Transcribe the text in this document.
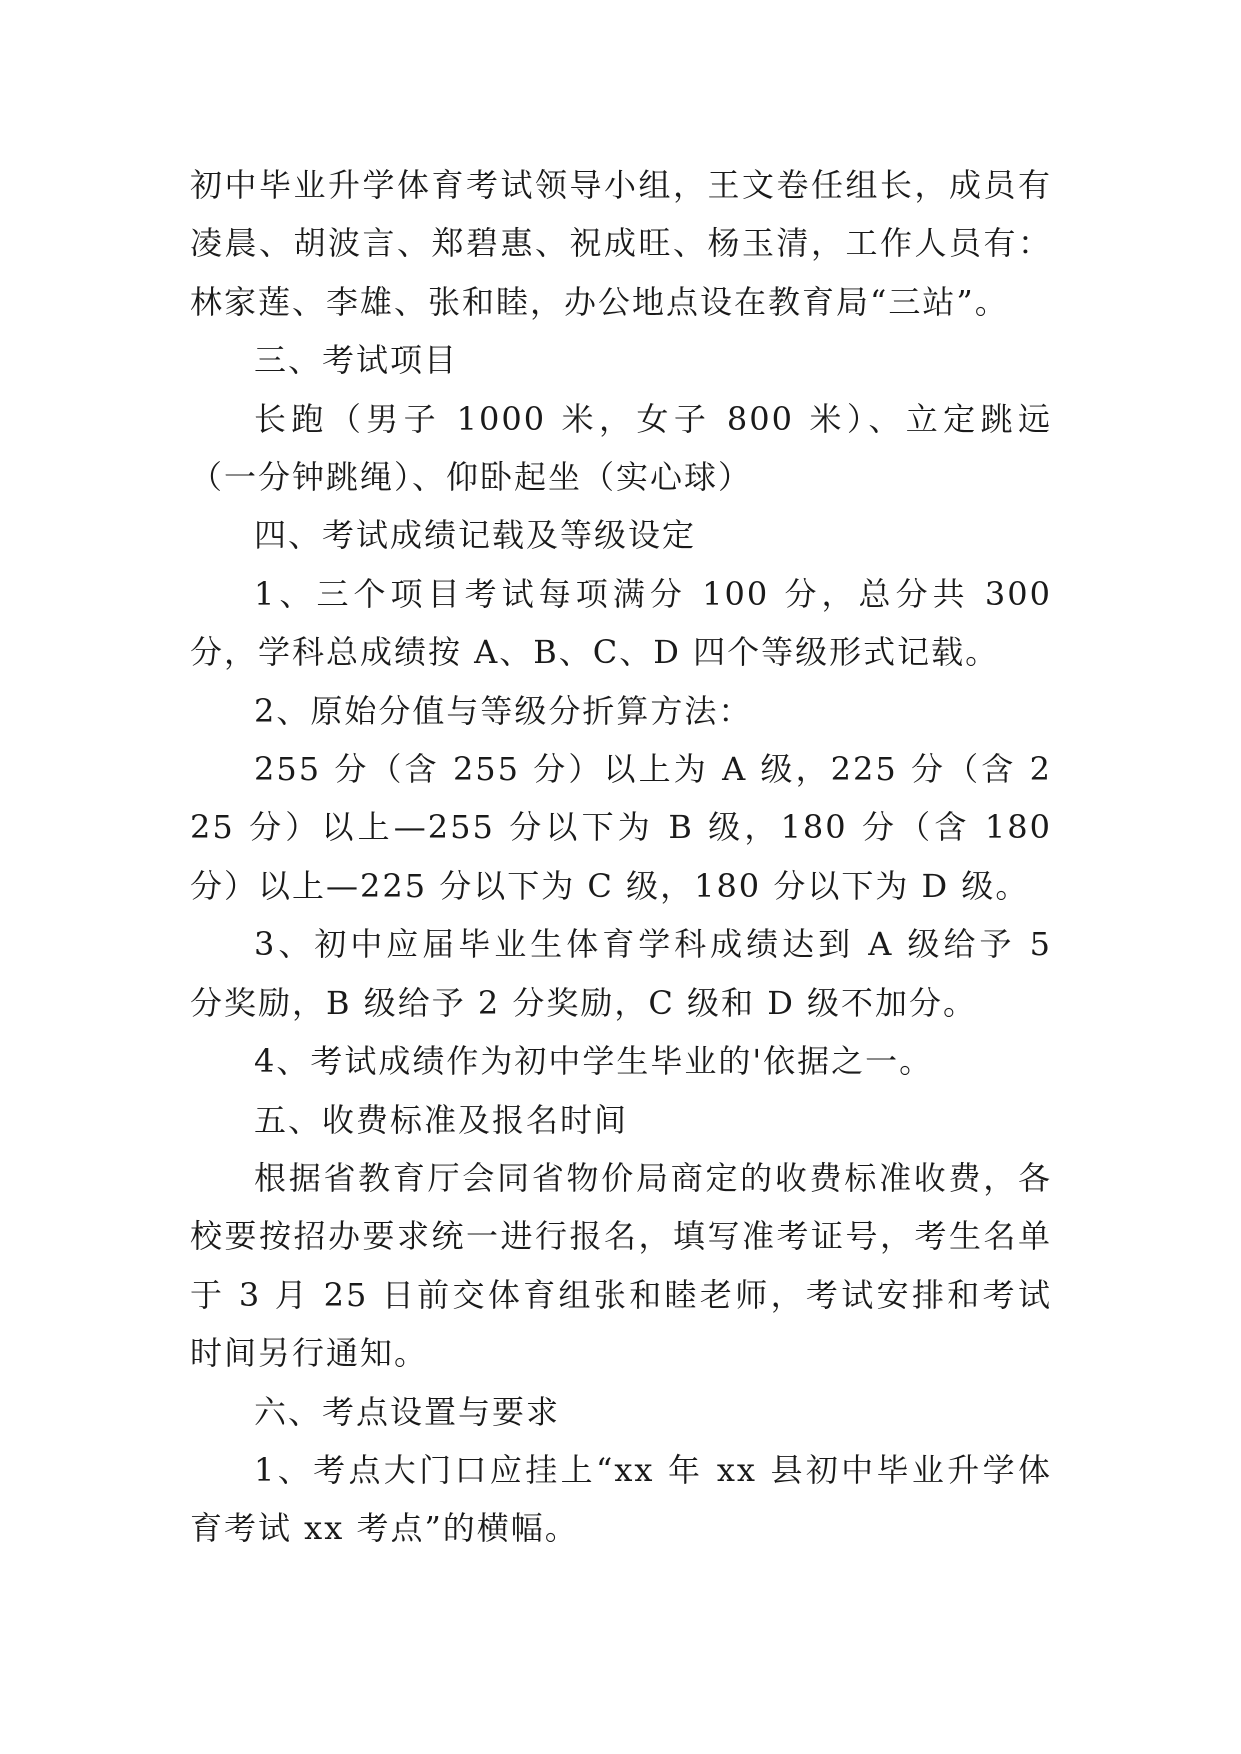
初中毕业升学体育考试领导小组，王文卷任组长，成员有凌晨、胡波言、郑碧惠、祝成旺、杨玉清，工作人员有：林家莲、李雄、张和睦，办公地点设在教育局“三站”。

三、考试项目

长跑（男子 1000 米，女子 800 米）、立定跳远（一分钟跳绳）、仰卧起坐（实心球）

四、考试成绩记载及等级设定

1、三个项目考试每项满分 100 分，总分共 300 分，学科总成绩按 A、B、C、D 四个等级形式记载。

2、原始分值与等级分折算方法：

255 分（含 255 分）以上为 A 级，225 分（含 225 分）以上—255 分以下为 B 级，180 分（含 180 分）以上—225 分以下为 C 级，180 分以下为 D 级。

3、初中应届毕业生体育学科成绩达到 A 级给予 5 分奖励，B 级给予 2 分奖励，C 级和 D 级不加分。

4、考试成绩作为初中学生毕业的'依据之一。

五、收费标准及报名时间

根据省教育厅会同省物价局商定的收费标准收费，各校要按招办要求统一进行报名，填写准考证号，考生名单于 3 月 25 日前交体育组张和睦老师，考试安排和考试时间另行通知。

六、考点设置与要求

1、考点大门口应挂上“xx 年 xx 县初中毕业升学体育考试 xx 考点”的横幅。
